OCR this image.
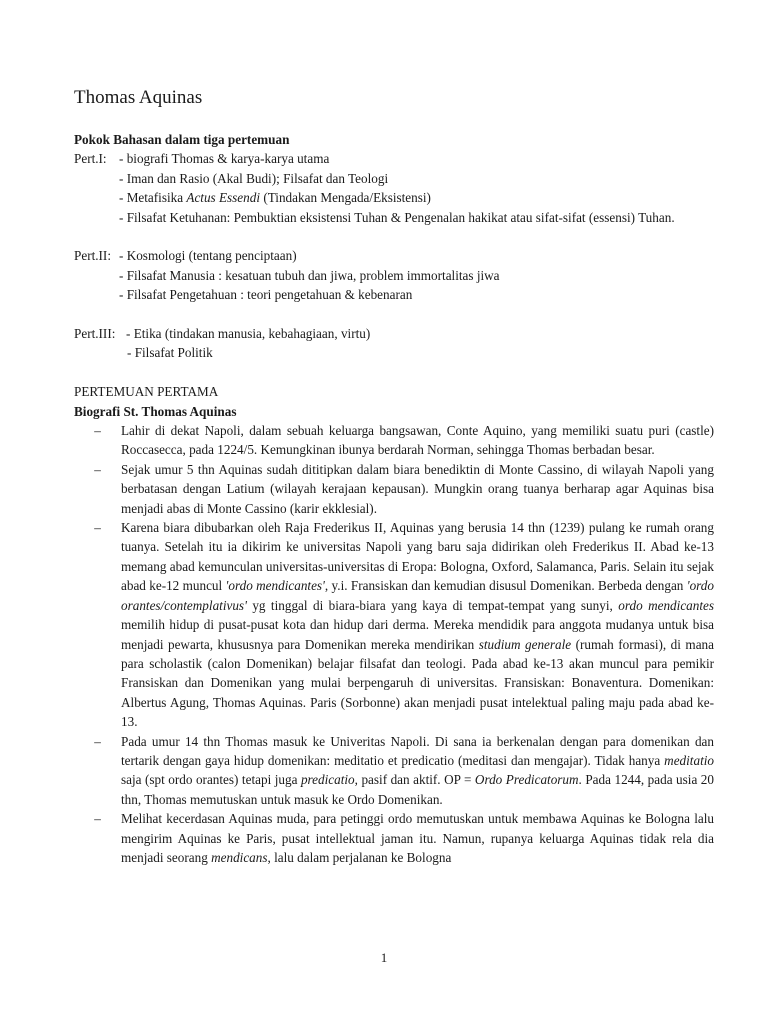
Thomas Aquinas
Pokok Bahasan dalam tiga pertemuan
Pert.I: - biografi Thomas & karya-karya utama
- Iman dan Rasio (Akal Budi); Filsafat dan Teologi
- Metafisika Actus Essendi (Tindakan Mengada/Eksistensi)
- Filsafat Ketuhanan: Pembuktian eksistensi Tuhan & Pengenalan hakikat atau sifat-sifat (essensi) Tuhan.
Pert.II: - Kosmologi (tentang penciptaan)
- Filsafat Manusia : kesatuan tubuh dan jiwa, problem immortalitas jiwa
- Filsafat Pengetahuan : teori pengetahuan & kebenaran
Pert.III: - Etika (tindakan manusia, kebahagiaan, virtu)
- Filsafat Politik
PERTEMUAN PERTAMA
Biografi St. Thomas Aquinas
–	Lahir di dekat Napoli, dalam sebuah keluarga bangsawan, Conte Aquino, yang memiliki suatu puri (castle) Roccasecca, pada 1224/5. Kemungkinan ibunya berdarah Norman, sehingga Thomas berbadan besar.
–	Sejak umur 5 thn Aquinas sudah dititipkan dalam biara benediktin di Monte Cassino, di wilayah Napoli yang berbatasan dengan Latium (wilayah kerajaan kepausan). Mungkin orang tuanya berharap agar Aquinas bisa menjadi abas di Monte Cassino (karir ekklesial).
–	Karena biara dibubarkan oleh Raja Frederikus II, Aquinas yang berusia 14 thn (1239) pulang ke rumah orang tuanya. Setelah itu ia dikirim ke universitas Napoli yang baru saja didirikan oleh Frederikus II. Abad ke-13 memang abad kemunculan universitas-universitas di Eropa: Bologna, Oxford, Salamanca, Paris. Selain itu sejak abad ke-12 muncul 'ordo mendicantes', y.i. Fransiskan dan kemudian disusul Domenikan. Berbeda dengan 'ordo orantes/contemplativus' yg tinggal di biara-biara yang kaya di tempat-tempat yang sunyi, ordo mendicantes memilih hidup di pusat-pusat kota dan hidup dari derma. Mereka mendidik para anggota mudanya untuk bisa menjadi pewarta, khususnya para Domenikan mereka mendirikan studium generale (rumah formasi), di mana para scholastik (calon Domenikan) belajar filsafat dan teologi. Pada abad ke-13 akan muncul para pemikir Fransiskan dan Domenikan yang mulai berpengaruh di universitas. Fransiskan: Bonaventura. Domenikan: Albertus Agung, Thomas Aquinas. Paris (Sorbonne) akan menjadi pusat intelektual paling maju pada abad ke-13.
–	Pada umur 14 thn Thomas masuk ke Univeritas Napoli. Di sana ia berkenalan dengan para domenikan dan tertarik dengan gaya hidup domenikan: meditatio et predicatio (meditasi dan mengajar). Tidak hanya meditatio saja (spt ordo orantes) tetapi juga predicatio, pasif dan aktif. OP = Ordo Predicatorum. Pada 1244, pada usia 20 thn, Thomas memutuskan untuk masuk ke Ordo Domenikan.
–	Melihat kecerdasan Aquinas muda, para petinggi ordo memutuskan untuk membawa Aquinas ke Bologna lalu mengirim Aquinas ke Paris, pusat intellektual jaman itu. Namun, rupanya keluarga Aquinas tidak rela dia menjadi seorang mendicans, lalu dalam perjalanan ke Bologna
1
